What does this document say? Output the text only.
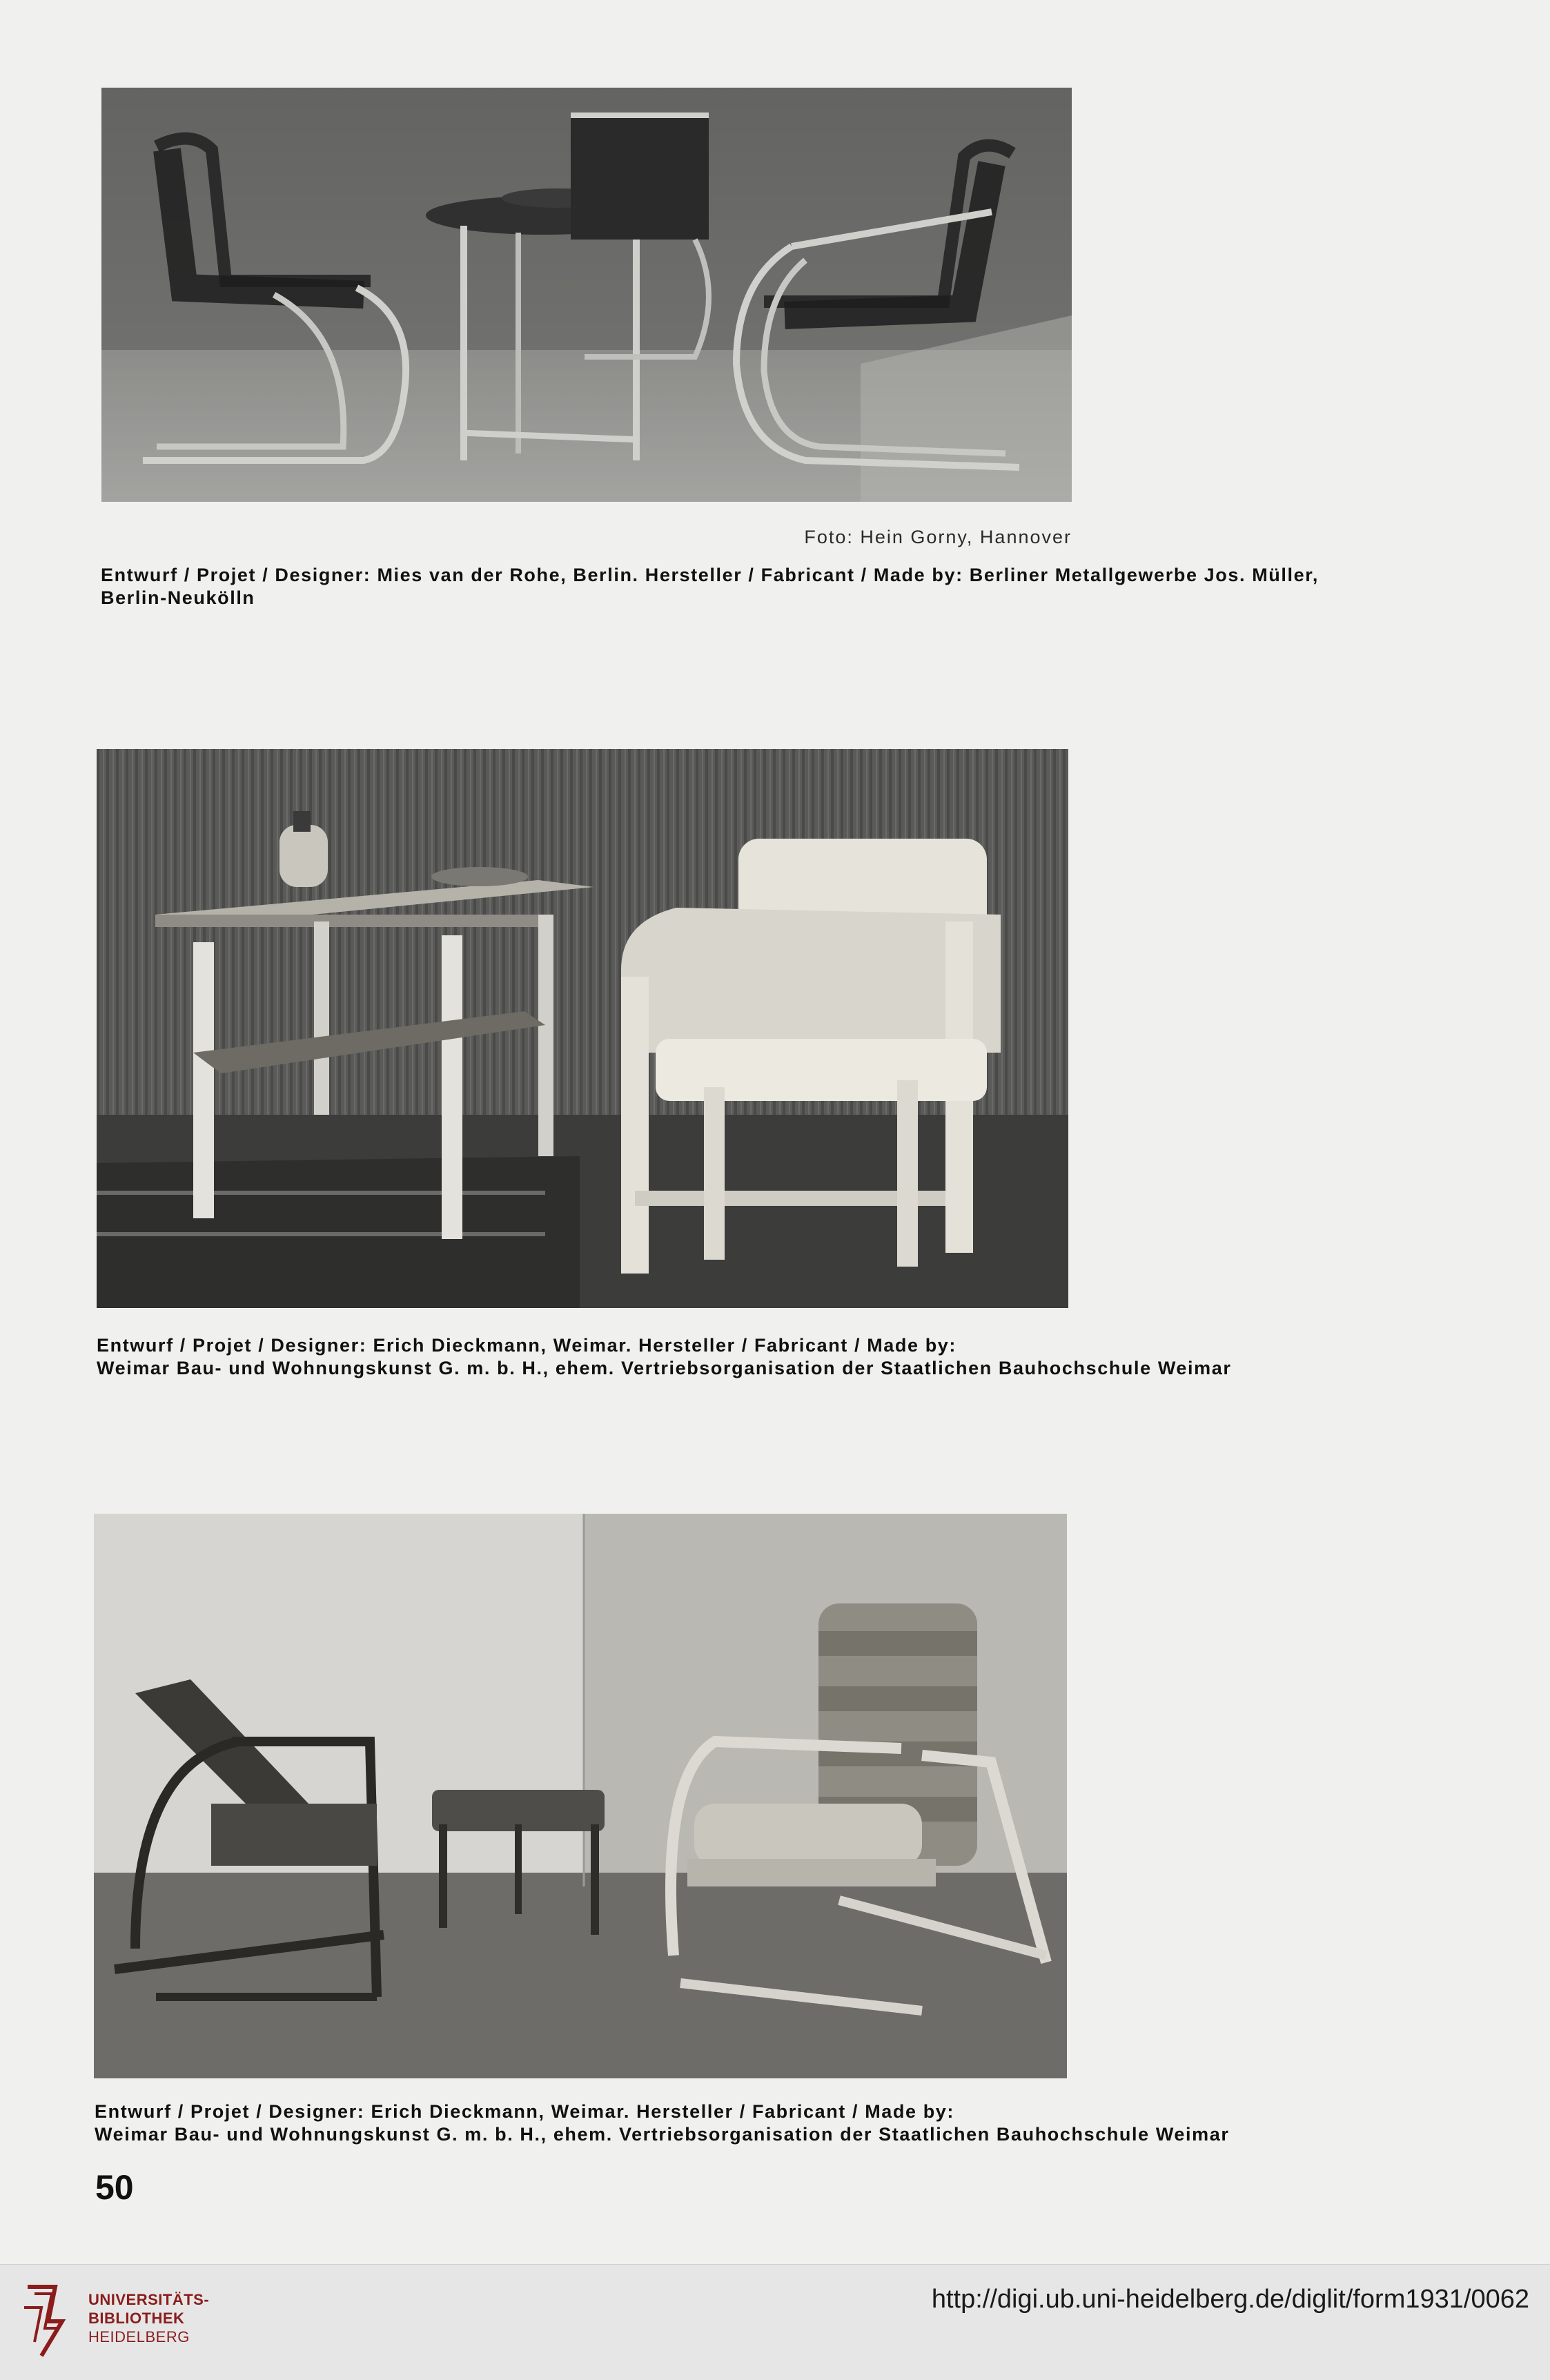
Foto: Hein Gorny, Hannover
Entwurf / Projet / Designer: Mies van der Rohe, Berlin. Hersteller / Fabricant / Made by: Berliner Metallgewerbe Jos. Müller,
Berlin-Neukölln
Entwurf / Projet / Designer: Erich Dieckmann, Weimar. Hersteller / Fabricant / Made by:
Weimar Bau- und Wohnungskunst G. m. b. H., ehem. Vertriebsorganisation der Staatlichen Bauhochschule Weimar
Entwurf / Projet / Designer: Erich Dieckmann, Weimar. Hersteller / Fabricant / Made by:
Weimar Bau- und Wohnungskunst G. m. b. H., ehem. Vertriebsorganisation der Staatlichen Bauhochschule Weimar
50
UNIVERSITÄTS-
BIBLIOTHEK
HEIDELBERG
http://digi.ub.uni-heidelberg.de/diglit/form1931/0062
